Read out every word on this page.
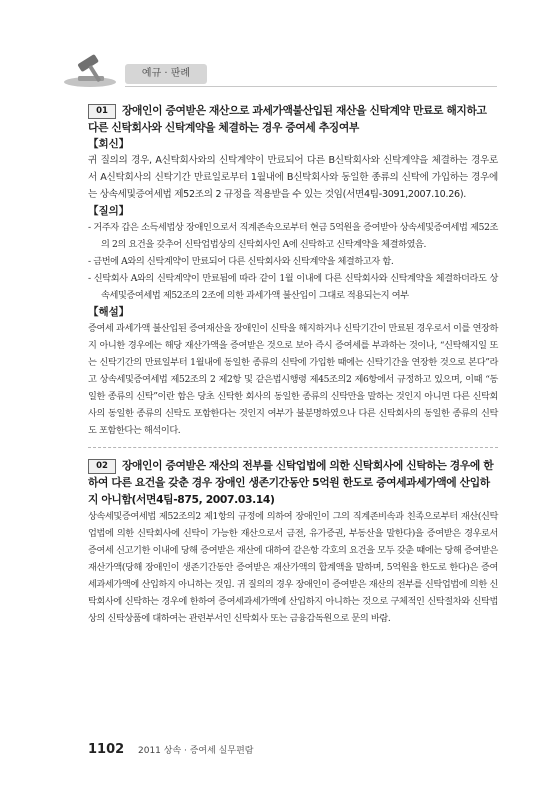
예규 · 판례
01 장애인이 증여받은 재산으로 과세가액불산입된 재산을 신탁계약 만료로 해지하고 다른 신탁회사와 신탁계약을 체결하는 경우 증여세 추징여부
【회신】

귀 질의의 경우, A신탁회사와의 신탁계약이 만료되어 다른 B신탁회사와 신탁계약을 체결하는 경우로서 A신탁회사의 신탁기간 만료일로부터 1월내에 B신탁회사와 동일한 종류의 신탁에 가입하는 경우에는 상속세및증여세법 제52조의 2 규정을 적용받을 수 있는 것임(서면4팀-3091,2007.10.26).

【질의】
- 거주자 갑은 소득세법상 장애인으로서 직계존속으로부터 현금 5억원을 증여받아 상속세및증여세법 제52조의 2의 요건을 갖추어 신탁업법상의 신탁회사인 A에 신탁하고 신탁계약을 체결하였음.
- 금번에 A와의 신탁계약이 만료되어 다른 신탁회사와 신탁계약을 체결하고자 함.
- 신탁회사 A와의 신탁계약이 만료됨에 따라 같이 1월 이내에 다른 신탁회사와 신탁계약을 체결하더라도 상속세및증여세법 제52조의 2조에 의한 과세가액 불산입이 그대로 적용되는지 여부
【해설】

증여세 과세가액 불산입된 증여재산을 장애인이 신탁을 해지하거나 신탁기간이 만료된 경우로서 이를 연장하지 아니한 경우에는 해당 재산가액을 증여받은 것으로 보아 즉시 증여세를 부과하는 것이나, “신탁해지일 또는 신탁기간의 만료일부터 1월내에 동일한 종류의 신탁에 가입한 때에는 신탁기간을 연장한 것으로 본다”라고 상속세및증여세법 제52조의 2 제2항 및 같은법시행령 제45조의2 제6항에서 규정하고 있으며, 이때 “동일한 종류의 신탁”이란 함은 당초 신탁한 회사의 동일한 종류의 신탁만을 말하는 것인지 아니면 다른 신탁회사의 동일한 종류의 신탁도 포함한다는 것인지 여부가 불분명하였으나 다른 신탁회사의 동일한 종류의 신탁도 포함한다는 해석이다.

02 장애인이 증여받은 재산의 전부를 신탁업법에 의한 신탁회사에 신탁하는 경우에 한하여 다른 요건을 갖춘 경우 장애인 생존기간동안 5억원 한도로 증여세과세가액에 산입하지 아니함(서면4팀-875, 2007.03.14)

상속세및증여세법 제52조의2 제1항의 규정에 의하여 장애인이 그의 직계존비속과 친족으로부터 재산(신탁업법에 의한 신탁회사에 신탁이 가능한 재산으로서 금전, 유가증권, 부동산을 말한다)을 증여받은 경우로서 증여세 신고기한 이내에 당해 증여받은 재산에 대하여 같은항 각호의 요건을 모두 갖춘 때에는 당해 증여받은 재산가액(당해 장애인이 생존기간동안 증여받은 재산가액의 합계액을 말하며, 5억원을 한도로 한다)은 증여세과세가액에 산입하지 아니하는 것임. 귀 질의의 경우 장애인이 증여받은 재산의 전부를 신탁업법에 의한 신탁회사에 신탁하는 경우에 한하여 증여세과세가액에 산입하지 아니하는 것으로 구체적인 신탁절차와 신탁법상의 신탁상품에 대하여는 관련부서인 신탁회사 또는 금융감독원으로 문의 바람.

1102 2011 상속 · 증여세 실무편람
